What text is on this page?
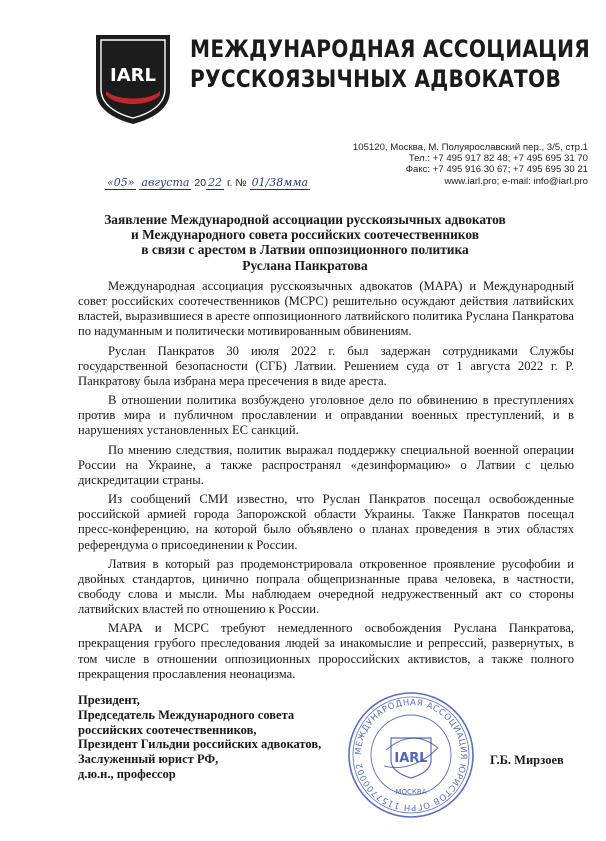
IARL
МЕЖДУНАРОДНАЯ АССОЦИАЦИЯ
РУССКОЯЗЫЧНЫХ АДВОКАТОВ
105120, Москва, М. Полуярославский пер., 3/5, стр.1
Тел.: +7 495 917 82 48; +7 495 695 31 70
Факс: +7 495 916 30 67; +7 495 695 30 21
www.iarl.pro; e-mail: info@iarl.pro
«05» августа 20 22 г. № 01/38мма
Заявление Международной ассоциации русскоязычных адвокатов
и Международного совета российских соотечественников
в связи с арестом в Латвии оппозиционного политика
Руслана Панкратова

Международная ассоциация русскоязычных адвокатов (МАРА) и Международный совет российских соотечественников (МСРС) решительно осуждают действия латвийских властей, выразившиеся в аресте оппозиционного латвийского политика Руслана Панкратова по надуманным и политически мотивированным обвинениям.

Руслан Панкратов 30 июля 2022 г. был задержан сотрудниками Службы государственной безопасности (СГБ) Латвии. Решением суда от 1 августа 2022 г. Р. Панкратову была избрана мера пресечения в виде ареста.

В отношении политика возбуждено уголовное дело по обвинению в преступлениях против мира и публичном прославлении и оправдании военных преступлений, и в нарушениях установленных ЕС санкций.

По мнению следствия, политик выражал поддержку специальной военной операции России на Украине, а также распространял «дезинформацию» о Латвии с целью дискредитации страны.

Из сообщений СМИ известно, что Руслан Панкратов посещал освобожденные российской армией города Запорожской области Украины. Также Панкратов посещал пресс-конференцию, на которой было объявлено о планах проведения в этих областях референдума о присоединении к России.

Латвия в который раз продемонстрировала откровенное проявление русофобии и двойных стандартов, цинично попрала общепризнанные права человека, в частности, свободу слова и мысли. Мы наблюдаем очередной недружественный акт со стороны латвийских властей по отношению к России.

МАРА и МСРС требуют немедленного освобождения Руслана Панкратова, прекращения грубого преследования людей за инакомыслие и репрессий, развернутых, в том числе в отношении оппозиционных пророссийских активистов, а также полного прекращения прославления неонацизма.

Президент,
Председатель Международного совета
российских соотечественников,
Президент Гильдии российских адвокатов,
Заслуженный юрист РФ,
д.ю.н., профессор
МЕЖДУНАРОДНАЯ АССОЦИАЦИЯ ЮРИСТОВ ОГРН 1157700002	IARL
МОСКВА
Г.Б. Мирзоев
